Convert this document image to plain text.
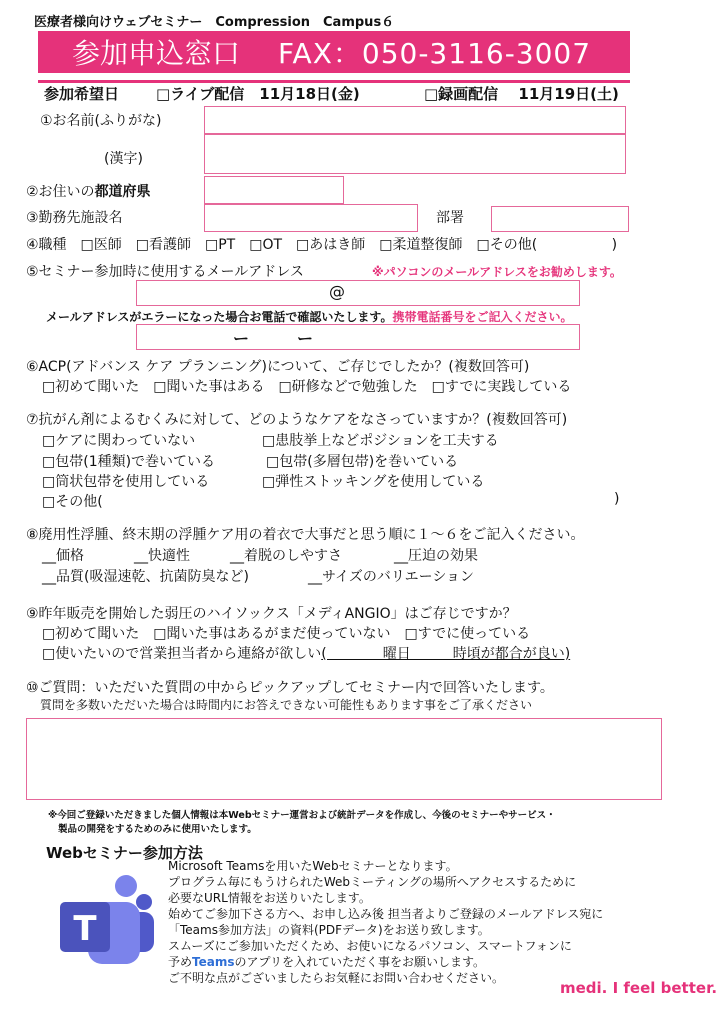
医療者様向けウェブセミナー　Compression　Campus６
参加申込窓口 FAX：050-3116-3007
参加希望日 □ライブ配信　11月18日(金)	□録画配信　 11月19日(土)
①お名前(ふりがな)
(漢字)
②お住いの都道府県
③勤務先施設名	部署
④職種　□医師　□看護師　□PT　□OT　□あはき師　□柔道整復師　□その他(　　　　　 )
⑤セミナー参加時に使用するメールアドレス	※パソコンのメールアドレスをお勧めします。
@
メールアドレスがエラーになった場合お電話で確認いたします。携帯電話番号をご記入ください。
ー　　　ー
⑥ACP(アドバンス ケア プランニング)について、ご存じでしたか？(複数回答可)
□初めて聞いた　□聞いた事はある　□研修などで勉強した　□すでに実践している
⑦抗がん剤によるむくみに対して、どのようなケアをなさっていますか？(複数回答可)
□ケアに関わっていない	□患肢挙上などポジションを工夫する
□包帯(1種類)で巻いている	□包帯(多層包帯)を巻いている
□筒状包帯を使用している	□弾性ストッキングを使用している
□その他(	)
⑧廃用性浮腫、終末期の浮腫ケア用の着衣で大事だと思う順に１～６をご記入ください。
__価格	__快適性	__着脱のしやすさ	__圧迫の効果
__品質(吸湿速乾、抗菌防臭など)	__サイズのバリエーション
⑨昨年販売を開始した弱圧のハイソックス「メディANGIO」はご存じですか？
□初めて聞いた　□聞いた事はあるがまだ使っていない　□すでに使っている
□使いたいので営業担当者から連絡が欲しい(　　　　曜日　　　時頃が都合が良い)
⑩ご質問：いただいた質問の中からピックアップしてセミナー内で回答いたします。
質問を多数いただいた場合は時間内にお答えできない可能性もあります事をご了承ください
※今回ご登録いただきました個人情報は本Webセミナー運営および統計データを作成し、今後のセミナーやサービス・
製品の開発をするためのみに使用いたします。
Webセミナー参加方法
T
Microsoft Teamsを用いたWebセミナーとなります。
プログラム毎にもうけられたWebミーティングの場所へアクセスするために
必要なURL情報をお送りいたします。
始めてご参加下さる方へ、お申し込み後 担当者よりご登録のメールアドレス宛に
「Teams参加方法」の資料(PDFデータ)をお送り致します。
スムーズにご参加いただくため、お使いになるパソコン、スマートフォンに
予めTeamsのアプリを入れていただく事をお願いします。
ご不明な点がございましたらお気軽にお問い合わせください。
medi. I feel better.
